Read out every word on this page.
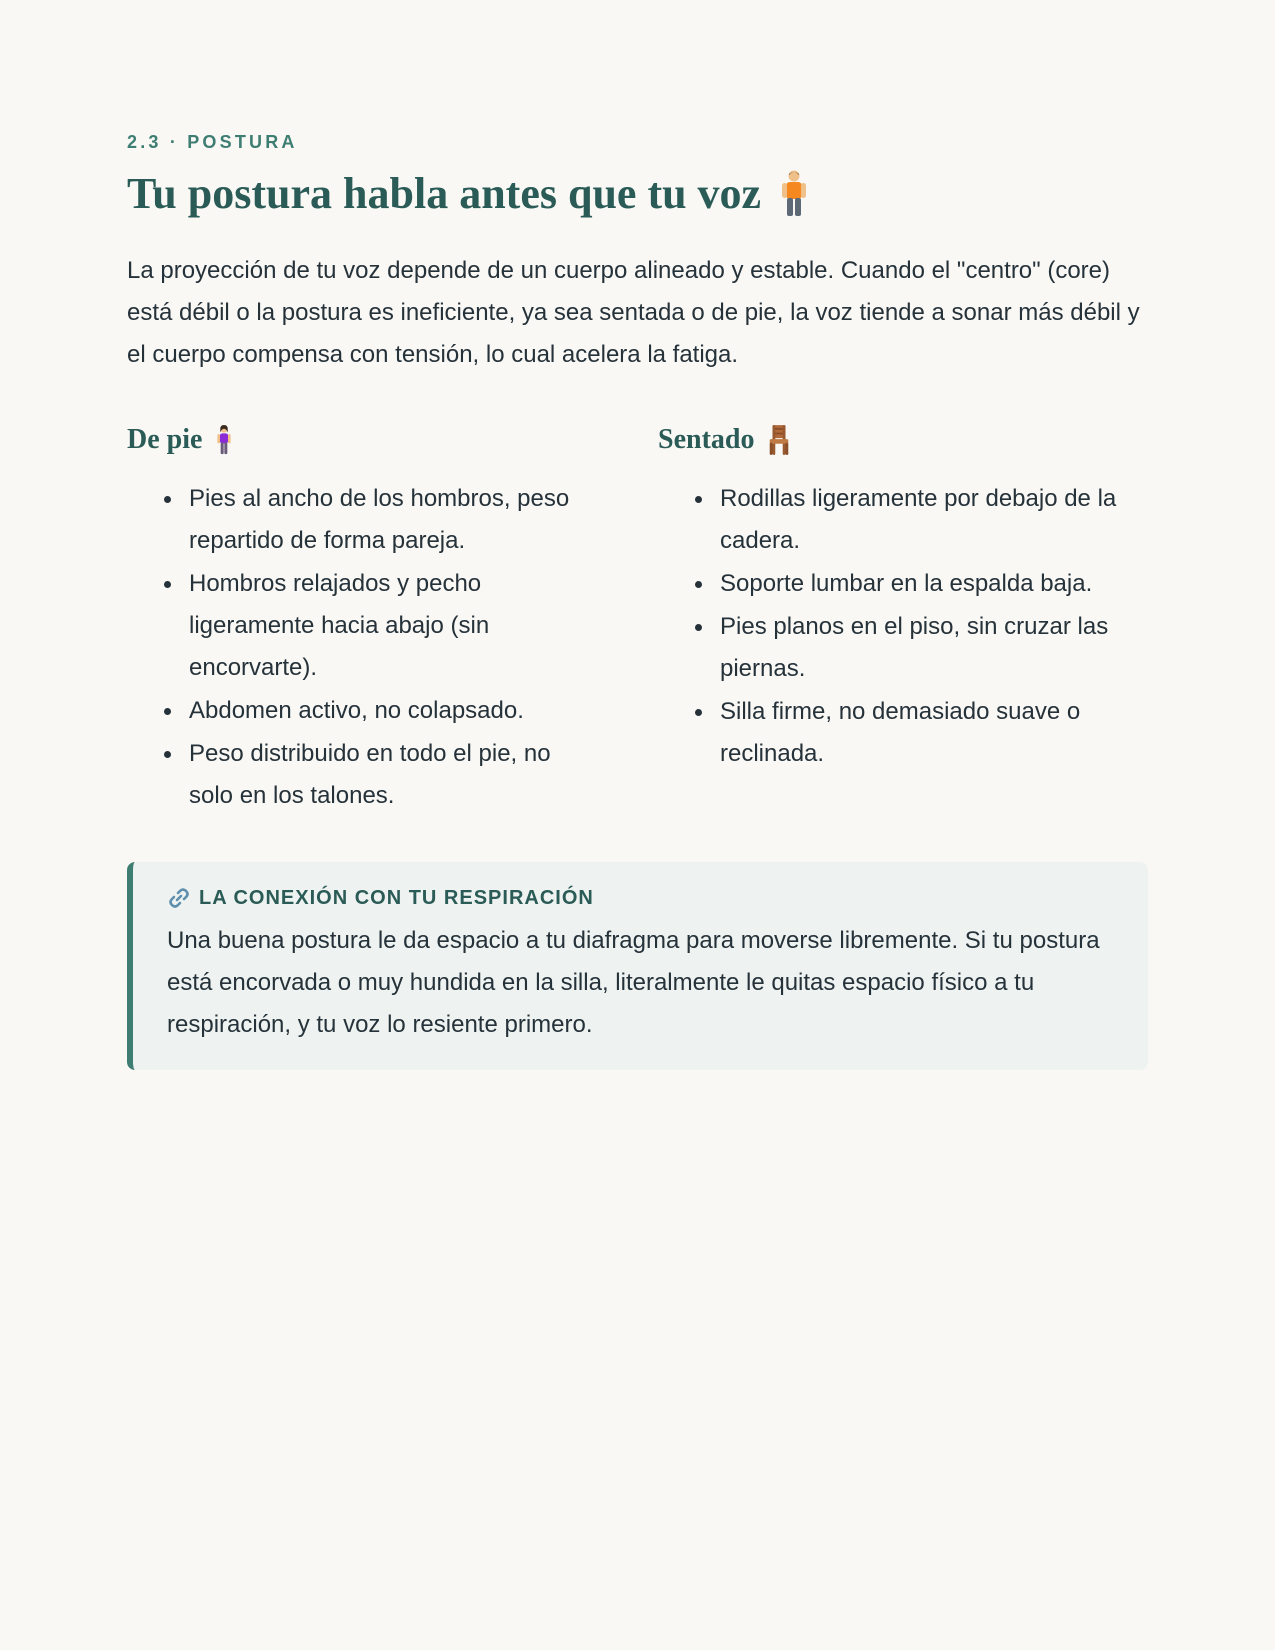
2.3 · POSTURA
Tu postura habla antes que tu voz

La proyección de tu voz depende de un cuerpo alineado y estable. Cuando el "centro" (core) está débil o la postura es ineficiente, ya sea sentada o de pie, la voz tiende a sonar más débil y el cuerpo compensa con tensión, lo cual acelera la fatiga.

De pie
Pies al ancho de los hombros, peso repartido de forma pareja.
Hombros relajados y pecho ligeramente hacia abajo (sin encorvarte).
Abdomen activo, no colapsado.
Peso distribuido en todo el pie, no solo en los talones.
Sentado
Rodillas ligeramente por debajo de la cadera.
Soporte lumbar en la espalda baja.
Pies planos en el piso, sin cruzar las piernas.
Silla firme, no demasiado suave o reclinada.
LA CONEXIÓN CON TU RESPIRACIÓN

Una buena postura le da espacio a tu diafragma para moverse libremente. Si tu postura está encorvada o muy hundida en la silla, literalmente le quitas espacio físico a tu respiración, y tu voz lo resiente primero.
